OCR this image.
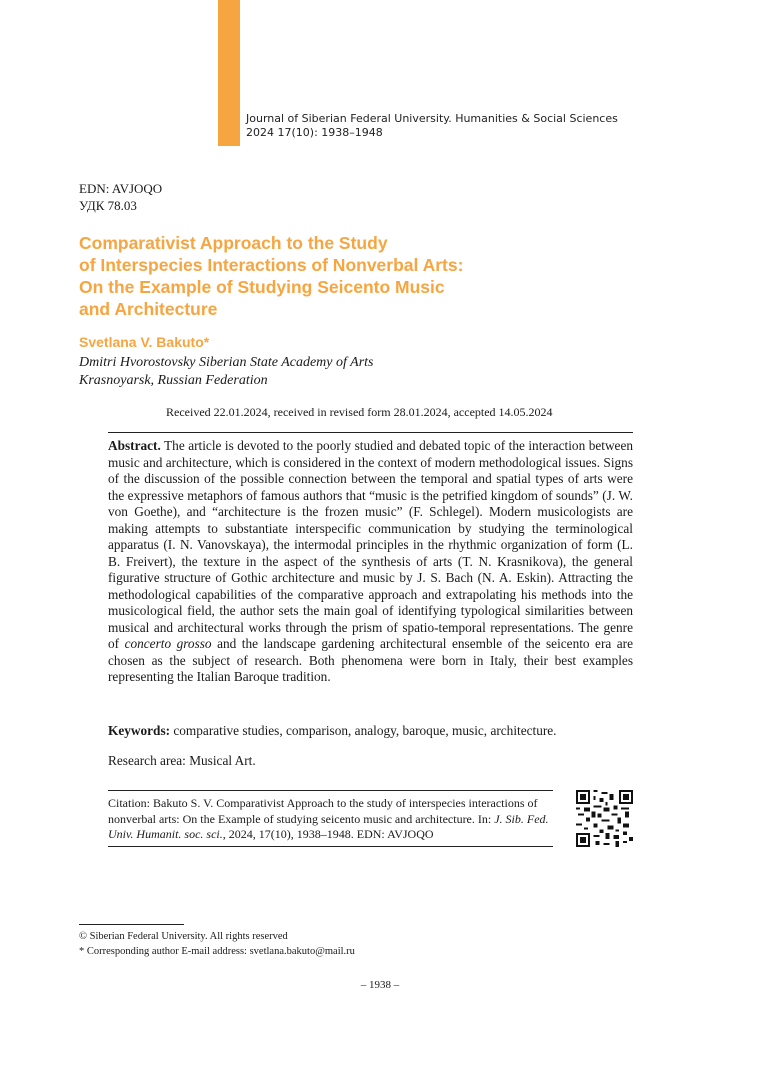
Journal of Siberian Federal University. Humanities & Social Sciences
2024 17(10): 1938–1948
EDN: AVJOQO
УДК 78.03
Comparativist Approach to the Study
of Interspecies Interactions of Nonverbal Arts:
On the Example of Studying Seicento Music
and Architecture
Svetlana V. Bakuto*
Dmitri Hvorostovsky Siberian State Academy of Arts
Krasnoyarsk, Russian Federation
Received 22.01.2024, received in revised form 28.01.2024, accepted 14.05.2024
Abstract. The article is devoted to the poorly studied and debated topic of the interaction between music and architecture, which is considered in the context of modern methodological issues. Signs of the discussion of the possible connection between the temporal and spatial types of arts were the expressive metaphors of famous authors that “music is the petrified kingdom of sounds” (J. W. von Goethe), and “architecture is the frozen music” (F. Schlegel). Modern musicologists are making attempts to substantiate interspecific communication by studying the terminological apparatus (I. N. Vanovskaya), the intermodal principles in the rhythmic organization of form (L. B. Freivert), the texture in the aspect of the synthesis of arts (T. N. Krasnikova), the general figurative structure of Gothic architecture and music by J. S. Bach (N. A. Eskin). Attracting the methodological capabilities of the comparative approach and extrapolating his methods into the musicological field, the author sets the main goal of identifying typological similarities between musical and architectural works through the prism of spatio-temporal representations. The genre of concerto grosso and the landscape gardening architectural ensemble of the seicento era are chosen as the subject of research. Both phenomena were born in Italy, their best examples representing the Italian Baroque tradition.
Keywords: comparative studies, comparison, analogy, baroque, music, architecture.
Research area: Musical Art.
Citation: Bakuto S. V. Comparativist Approach to the study of interspecies interactions of nonverbal arts: On the Example of studying seicento music and architecture. In: J. Sib. Fed. Univ. Humanit. soc. sci., 2024, 17(10), 1938–1948. EDN: AVJOQO
© Siberian Federal University. All rights reserved
* Corresponding author E-mail address: svetlana.bakuto@mail.ru
– 1938 –
